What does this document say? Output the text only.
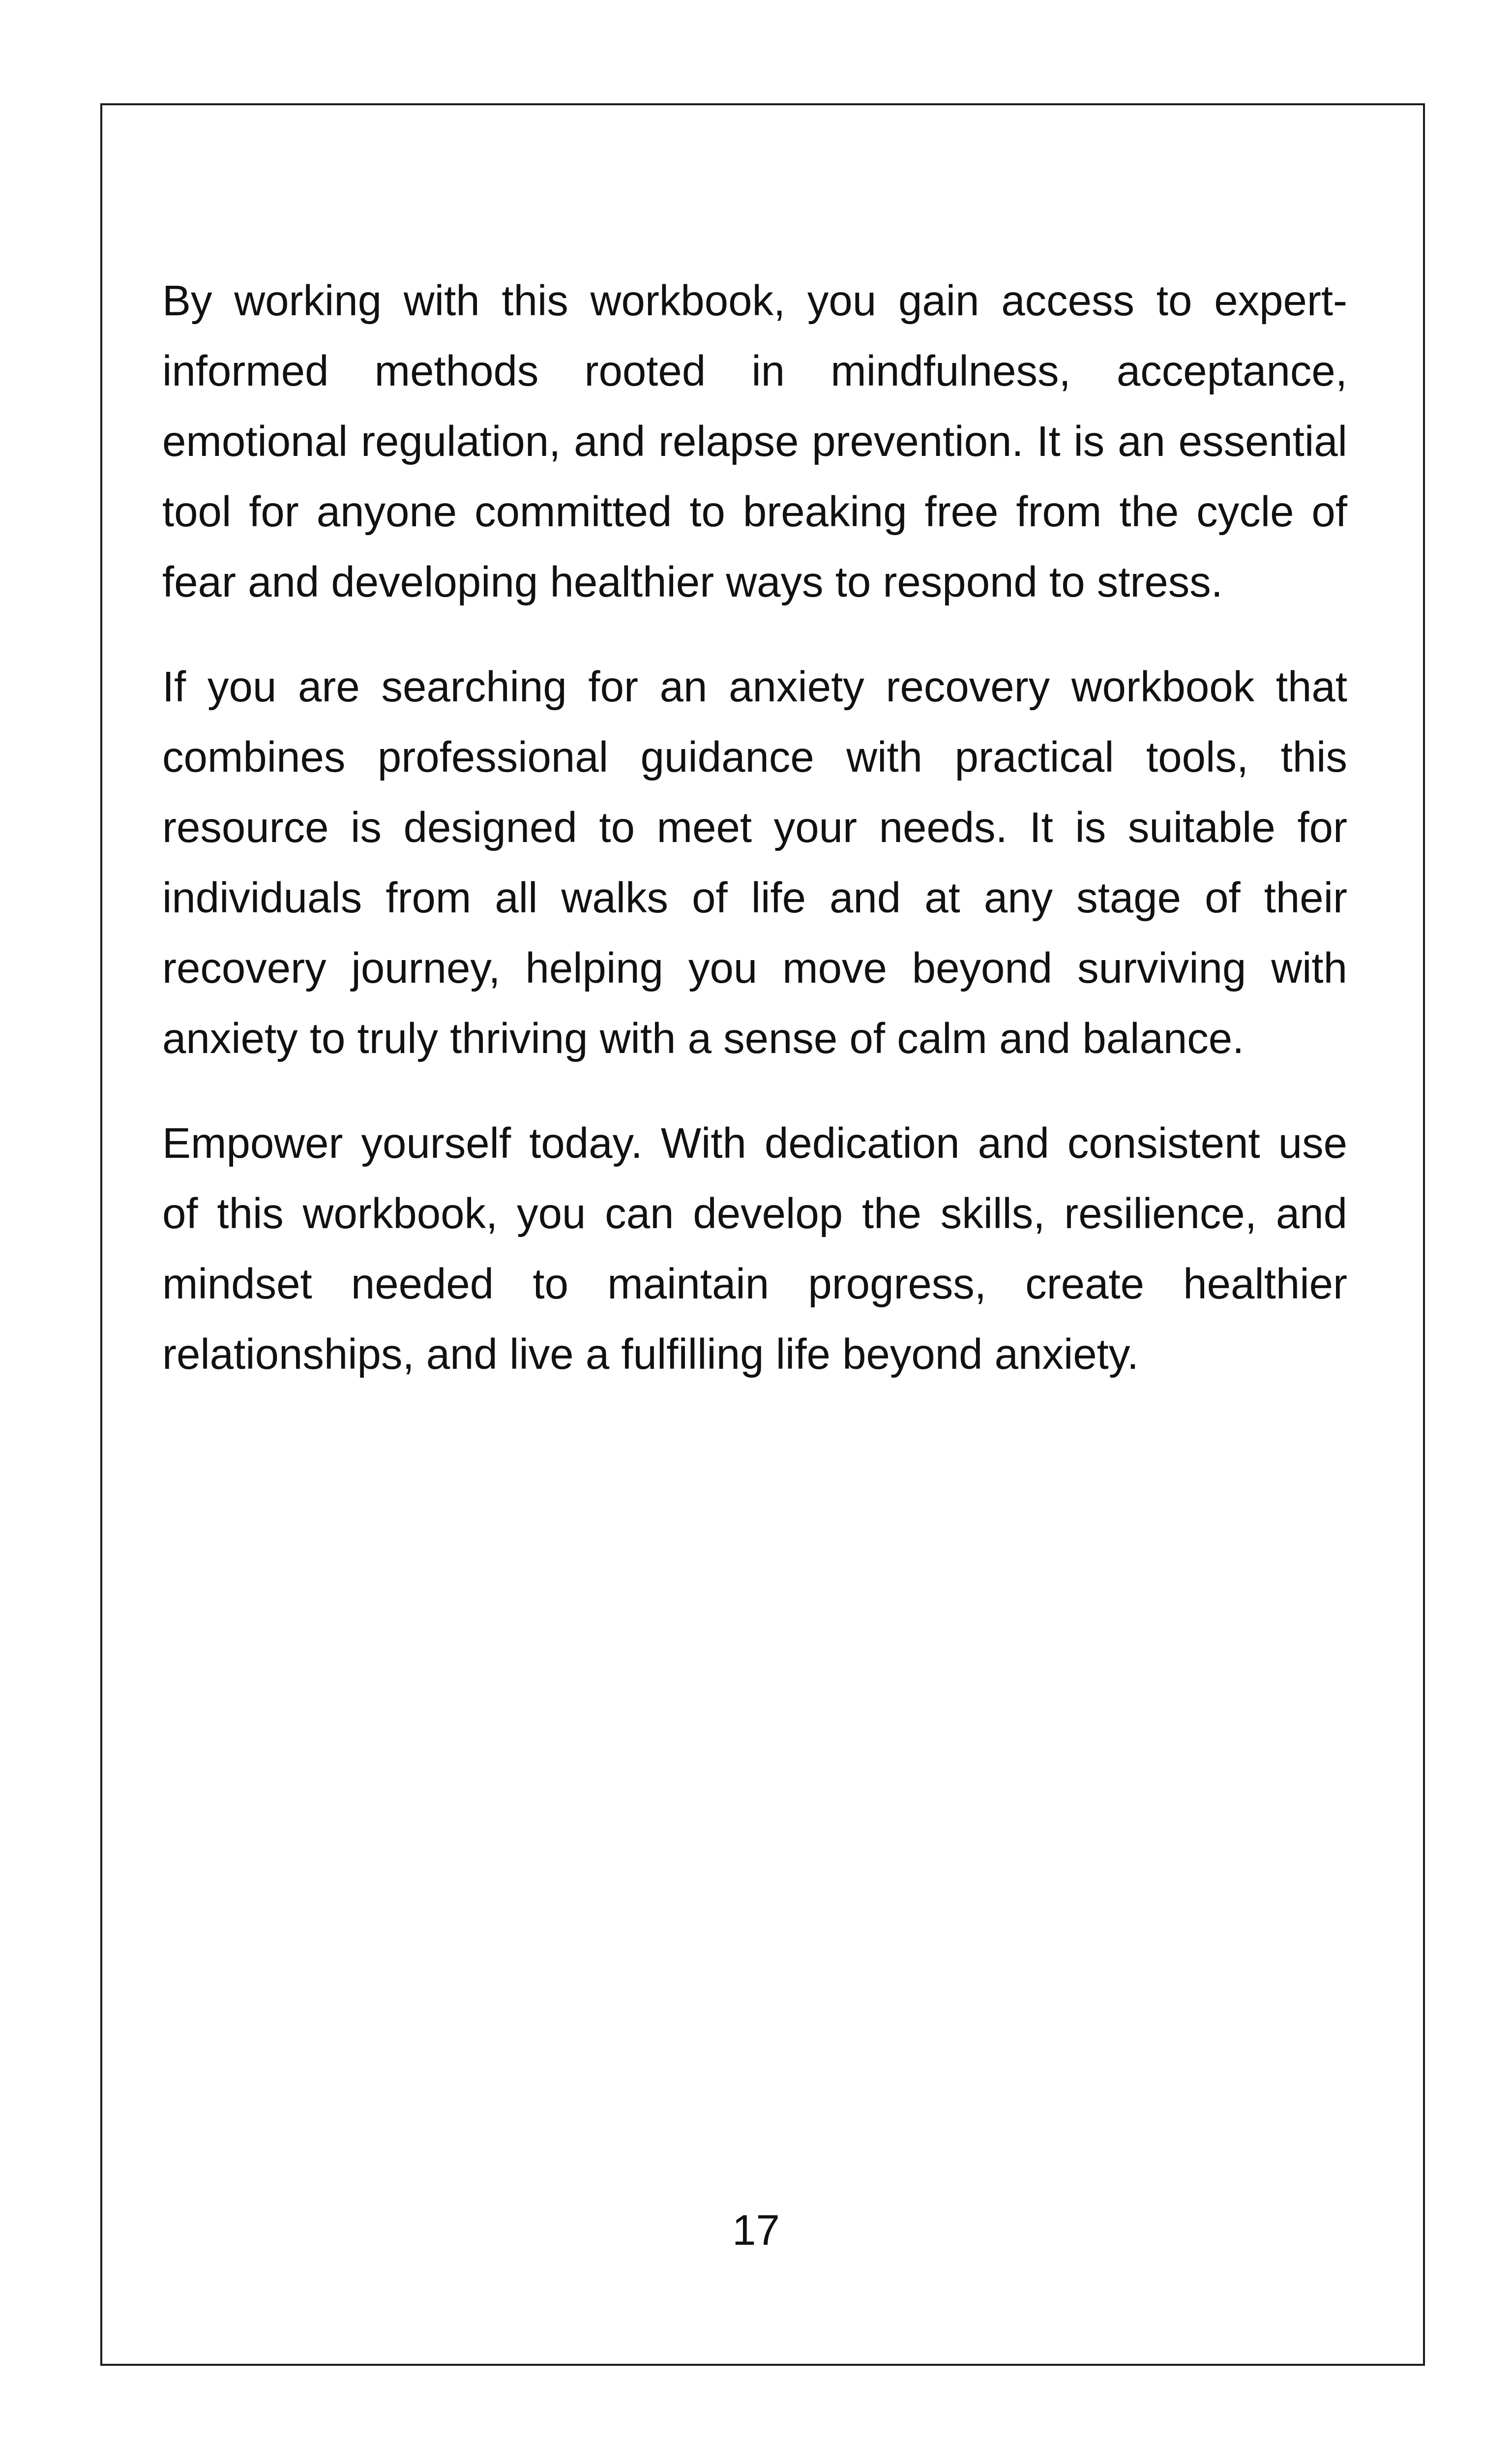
By working with this workbook, you gain access to expert-informed methods rooted in mindfulness, acceptance, emotional regulation, and relapse prevention. It is an essential tool for anyone committed to breaking free from the cycle of fear and developing healthier ways to respond to stress.

If you are searching for an anxiety recovery workbook that combines professional guidance with practical tools, this resource is designed to meet your needs. It is suitable for individuals from all walks of life and at any stage of their recovery journey, helping you move beyond surviving with anxiety to truly thriving with a sense of calm and balance.

Empower yourself today. With dedication and consistent use of this workbook, you can develop the skills, resilience, and mindset needed to maintain progress, create healthier relationships, and live a fulfilling life beyond anxiety.

17
